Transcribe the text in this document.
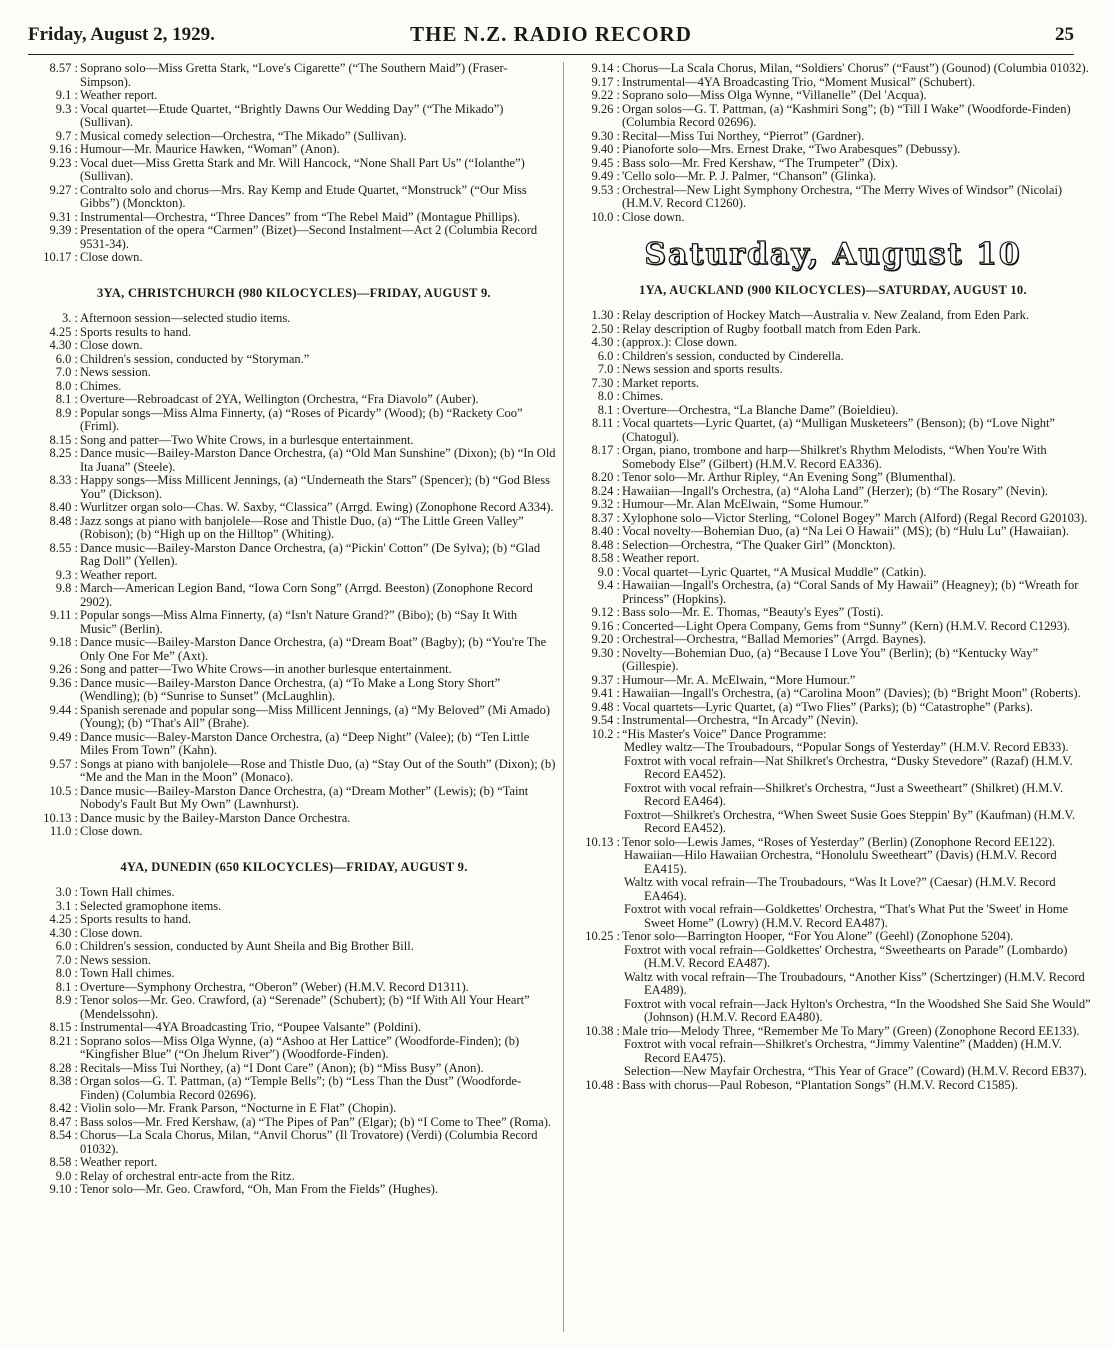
Friday, August 2, 1929.	THE N.Z. RADIO RECORD	25

8.57 : Soprano solo—Miss Gretta Stark, “Love's Cigarette” (“The Southern Maid”) (Fraser-Simpson).

9.1 : Weather report.

9.3 : Vocal quartet—Etude Quartet, “Brightly Dawns Our Wedding Day” (“The Mikado”) (Sullivan).

9.7 : Musical comedy selection—Orchestra, “The Mikado” (Sullivan).

9.16 : Humour—Mr. Maurice Hawken, “Woman” (Anon).

9.23 : Vocal duet—Miss Gretta Stark and Mr. Will Hancock, “None Shall Part Us” (“Iolanthe”) (Sullivan).

9.27 : Contralto solo and chorus—Mrs. Ray Kemp and Etude Quartet, “Monstruck” (“Our Miss Gibbs”) (Monckton).

9.31 : Instrumental—Orchestra, “Three Dances” from “The Rebel Maid” (Montague Phillips).

9.39 : Presentation of the opera “Carmen” (Bizet)—Second Instalment—Act 2 (Columbia Record 9531-34).

10.17 : Close down.

3YA, CHRISTCHURCH (980 KILOCYCLES)—FRIDAY, AUGUST 9.

3. : Afternoon session—selected studio items.

4.25 : Sports results to hand.

4.30 : Close down.

6.0 : Children's session, conducted by “Storyman.”

7.0 : News session.

8.0 : Chimes.

8.1 : Overture—Rebroadcast of 2YA, Wellington (Orchestra, “Fra Diavolo” (Auber).

8.9 : Popular songs—Miss Alma Finnerty, (a) “Roses of Picardy” (Wood); (b) “Rackety Coo” (Friml).

8.15 : Song and patter—Two White Crows, in a burlesque entertainment.

8.25 : Dance music—Bailey-Marston Dance Orchestra, (a) “Old Man Sunshine” (Dixon); (b) “In Old Ita Juana” (Steele).

8.33 : Happy songs—Miss Millicent Jennings, (a) “Underneath the Stars” (Spencer); (b) “God Bless You” (Dickson).

8.40 : Wurlitzer organ solo—Chas. W. Saxby, “Classica” (Arrgd. Ewing) (Zonophone Record A334).

8.48 : Jazz songs at piano with banjolele—Rose and Thistle Duo, (a) “The Little Green Valley” (Robison); (b) “High up on the Hilltop” (Whiting).

8.55 : Dance music—Bailey-Marston Dance Orchestra, (a) “Pickin' Cotton” (De Sylva); (b) “Glad Rag Doll” (Yellen).

9.3 : Weather report.

9.8 : March—American Legion Band, “Iowa Corn Song” (Arrgd. Beeston) (Zonophone Record 2902).

9.11 : Popular songs—Miss Alma Finnerty, (a) “Isn't Nature Grand?” (Bibo); (b) “Say It With Music” (Berlin).

9.18 : Dance music—Bailey-Marston Dance Orchestra, (a) “Dream Boat” (Bagby); (b) “You're The Only One For Me” (Axt).

9.26 : Song and patter—Two White Crows—in another burlesque entertainment.

9.36 : Dance music—Bailey-Marston Dance Orchestra, (a) “To Make a Long Story Short” (Wendling); (b) “Sunrise to Sunset” (McLaughlin).

9.44 : Spanish serenade and popular song—Miss Millicent Jennings, (a) “My Beloved” (Mi Amado) (Young); (b) “That's All” (Brahe).

9.49 : Dance music—Baley-Marston Dance Orchestra, (a) “Deep Night” (Valee); (b) “Ten Little Miles From Town” (Kahn).

9.57 : Songs at piano with banjolele—Rose and Thistle Duo, (a) “Stay Out of the South” (Dixon); (b) “Me and the Man in the Moon” (Monaco).

10.5 : Dance music—Bailey-Marston Dance Orchestra, (a) “Dream Mother” (Lewis); (b) “Taint Nobody's Fault But My Own” (Lawnhurst).

10.13 : Dance music by the Bailey-Marston Dance Orchestra.

11.0 : Close down.

4YA, DUNEDIN (650 KILOCYCLES)—FRIDAY, AUGUST 9.

3.0 : Town Hall chimes.

3.1 : Selected gramophone items.

4.25 : Sports results to hand.

4.30 : Close down.

6.0 : Children's session, conducted by Aunt Sheila and Big Brother Bill.

7.0 : News session.

8.0 : Town Hall chimes.

8.1 : Overture—Symphony Orchestra, “Oberon” (Weber) (H.M.V. Record D1311).

8.9 : Tenor solos—Mr. Geo. Crawford, (a) “Serenade” (Schubert); (b) “If With All Your Heart” (Mendelssohn).

8.15 : Instrumental—4YA Broadcasting Trio, “Poupee Valsante” (Poldini).

8.21 : Soprano solos—Miss Olga Wynne, (a) “Ashoo at Her Lattice” (Woodforde-Finden); (b) “Kingfisher Blue” (“On Jhelum River”) (Woodforde-Finden).

8.28 : Recitals—Miss Tui Northey, (a) “I Dont Care” (Anon); (b) “Miss Busy” (Anon).

8.38 : Organ solos—G. T. Pattman, (a) “Temple Bells”; (b) “Less Than the Dust” (Woodforde-Finden) (Columbia Record 02696).

8.42 : Violin solo—Mr. Frank Parson, “Nocturne in E Flat” (Chopin).

8.47 : Bass solos—Mr. Fred Kershaw, (a) “The Pipes of Pan” (Elgar); (b) “I Come to Thee” (Roma).

8.54 : Chorus—La Scala Chorus, Milan, “Anvil Chorus” (Il Trovatore) (Verdi) (Columbia Record 01032).

8.58 : Weather report.

9.0 : Relay of orchestral entr-acte from the Ritz.

9.10 : Tenor solo—Mr. Geo. Crawford, “Oh, Man From the Fields” (Hughes).

9.14 : Chorus—La Scala Chorus, Milan, “Soldiers' Chorus” (“Faust”) (Gounod) (Columbia 01032).

9.17 : Instrumental—4YA Broadcasting Trio, “Moment Musical” (Schubert).

9.22 : Soprano solo—Miss Olga Wynne, “Villanelle” (Del 'Acqua).

9.26 : Organ solos—G. T. Pattman, (a) “Kashmiri Song”; (b) “Till I Wake” (Woodforde-Finden) (Columbia Record 02696).

9.30 : Recital—Miss Tui Northey, “Pierrot” (Gardner).

9.40 : Pianoforte solo—Mrs. Ernest Drake, “Two Arabesques” (Debussy).

9.45 : Bass solo—Mr. Fred Kershaw, “The Trumpeter” (Dix).

9.49 : 'Cello solo—Mr. P. J. Palmer, “Chanson” (Glinka).

9.53 : Orchestral—New Light Symphony Orchestra, “The Merry Wives of Windsor” (Nicolai) (H.M.V. Record C1260).

10.0 : Close down.

Saturday, August 10
1YA, AUCKLAND (900 KILOCYCLES)—SATURDAY, AUGUST 10.

1.30 : Relay description of Hockey Match—Australia v. New Zealand, from Eden Park.

2.50 : Relay description of Rugby football match from Eden Park.

4.30 : (approx.): Close down.

6.0 : Children's session, conducted by Cinderella.

7.0 : News session and sports results.

7.30 : Market reports.

8.0 : Chimes.

8.1 : Overture—Orchestra, “La Blanche Dame” (Boieldieu).

8.11 : Vocal quartets—Lyric Quartet, (a) “Mulligan Musketeers” (Benson); (b) “Love Night” (Chatogul).

8.17 : Organ, piano, trombone and harp—Shilkret's Rhythm Melodists, “When You're With Somebody Else” (Gilbert) (H.M.V. Record EA336).

8.20 : Tenor solo—Mr. Arthur Ripley, “An Evening Song” (Blumenthal).

8.24 : Hawaiian—Ingall's Orchestra, (a) “Aloha Land” (Herzer); (b) “The Rosary” (Nevin).

9.32 : Humour—Mr. Alan McElwain, “Some Humour.”

8.37 : Xylophone solo—Victor Sterling, “Colonel Bogey” March (Alford) (Regal Record G20103).

8.40 : Vocal novelty—Bohemian Duo, (a) “Na Lei O Hawaii” (MS); (b) “Hulu Lu” (Hawaiian).

8.48 : Selection—Orchestra, “The Quaker Girl” (Monckton).

8.58 : Weather report.

9.0 : Vocal quartet—Lyric Quartet, “A Musical Muddle” (Catkin).

9.4 : Hawaiian—Ingall's Orchestra, (a) “Coral Sands of My Hawaii” (Heagney); (b) “Wreath for Princess” (Hopkins).

9.12 : Bass solo—Mr. E. Thomas, “Beauty's Eyes” (Tosti).

9.16 : Concerted—Light Opera Company, Gems from “Sunny” (Kern) (H.M.V. Record C1293).

9.20 : Orchestral—Orchestra, “Ballad Memories” (Arrgd. Baynes).

9.30 : Novelty—Bohemian Duo, (a) “Because I Love You” (Berlin); (b) “Kentucky Way” (Gillespie).

9.37 : Humour—Mr. A. McElwain, “More Humour.”

9.41 : Hawaiian—Ingall's Orchestra, (a) “Carolina Moon” (Davies); (b) “Bright Moon” (Roberts).

9.48 : Vocal quartets—Lyric Quartet, (a) “Two Flies” (Parks); (b) “Catastrophe” (Parks).

9.54 : Instrumental—Orchestra, “In Arcady” (Nevin).

10.2 : “His Master's Voice” Dance Programme:

Medley waltz—The Troubadours, “Popular Songs of Yesterday” (H.M.V. Record EB33).

Foxtrot with vocal refrain—Nat Shilkret's Orchestra, “Dusky Stevedore” (Razaf) (H.M.V. Record EA452).

Foxtrot with vocal refrain—Shilkret's Orchestra, “Just a Sweetheart” (Shilkret) (H.M.V. Record EA464).

Foxtrot—Shilkret's Orchestra, “When Sweet Susie Goes Steppin' By” (Kaufman) (H.M.V. Record EA452).

10.13 : Tenor solo—Lewis James, “Roses of Yesterday” (Berlin) (Zonophone Record EE122).

Hawaiian—Hilo Hawaiian Orchestra, “Honolulu Sweetheart” (Davis) (H.M.V. Record EA415).

Waltz with vocal refrain—The Troubadours, “Was It Love?” (Caesar) (H.M.V. Record EA464).

Foxtrot with vocal refrain—Goldkettes' Orchestra, “That's What Put the 'Sweet' in Home Sweet Home” (Lowry) (H.M.V. Record EA487).

10.25 : Tenor solo—Barrington Hooper, “For You Alone” (Geehl) (Zonophone 5204).

Foxtrot with vocal refrain—Goldkettes' Orchestra, “Sweethearts on Parade” (Lombardo) (H.M.V. Record EA487).

Waltz with vocal refrain—The Troubadours, “Another Kiss” (Schertzinger) (H.M.V. Record EA489).

Foxtrot with vocal refrain—Jack Hylton's Orchestra, “In the Woodshed She Said She Would” (Johnson) (H.M.V. Record EA480).

10.38 : Male trio—Melody Three, “Remember Me To Mary” (Green) (Zonophone Record EE133).

Foxtrot with vocal refrain—Shilkret's Orchestra, “Jimmy Valentine” (Madden) (H.M.V. Record EA475).

Selection—New Mayfair Orchestra, “This Year of Grace” (Coward) (H.M.V. Record EB37).

10.48 : Bass with chorus—Paul Robeson, “Plantation Songs” (H.M.V. Record C1585).
